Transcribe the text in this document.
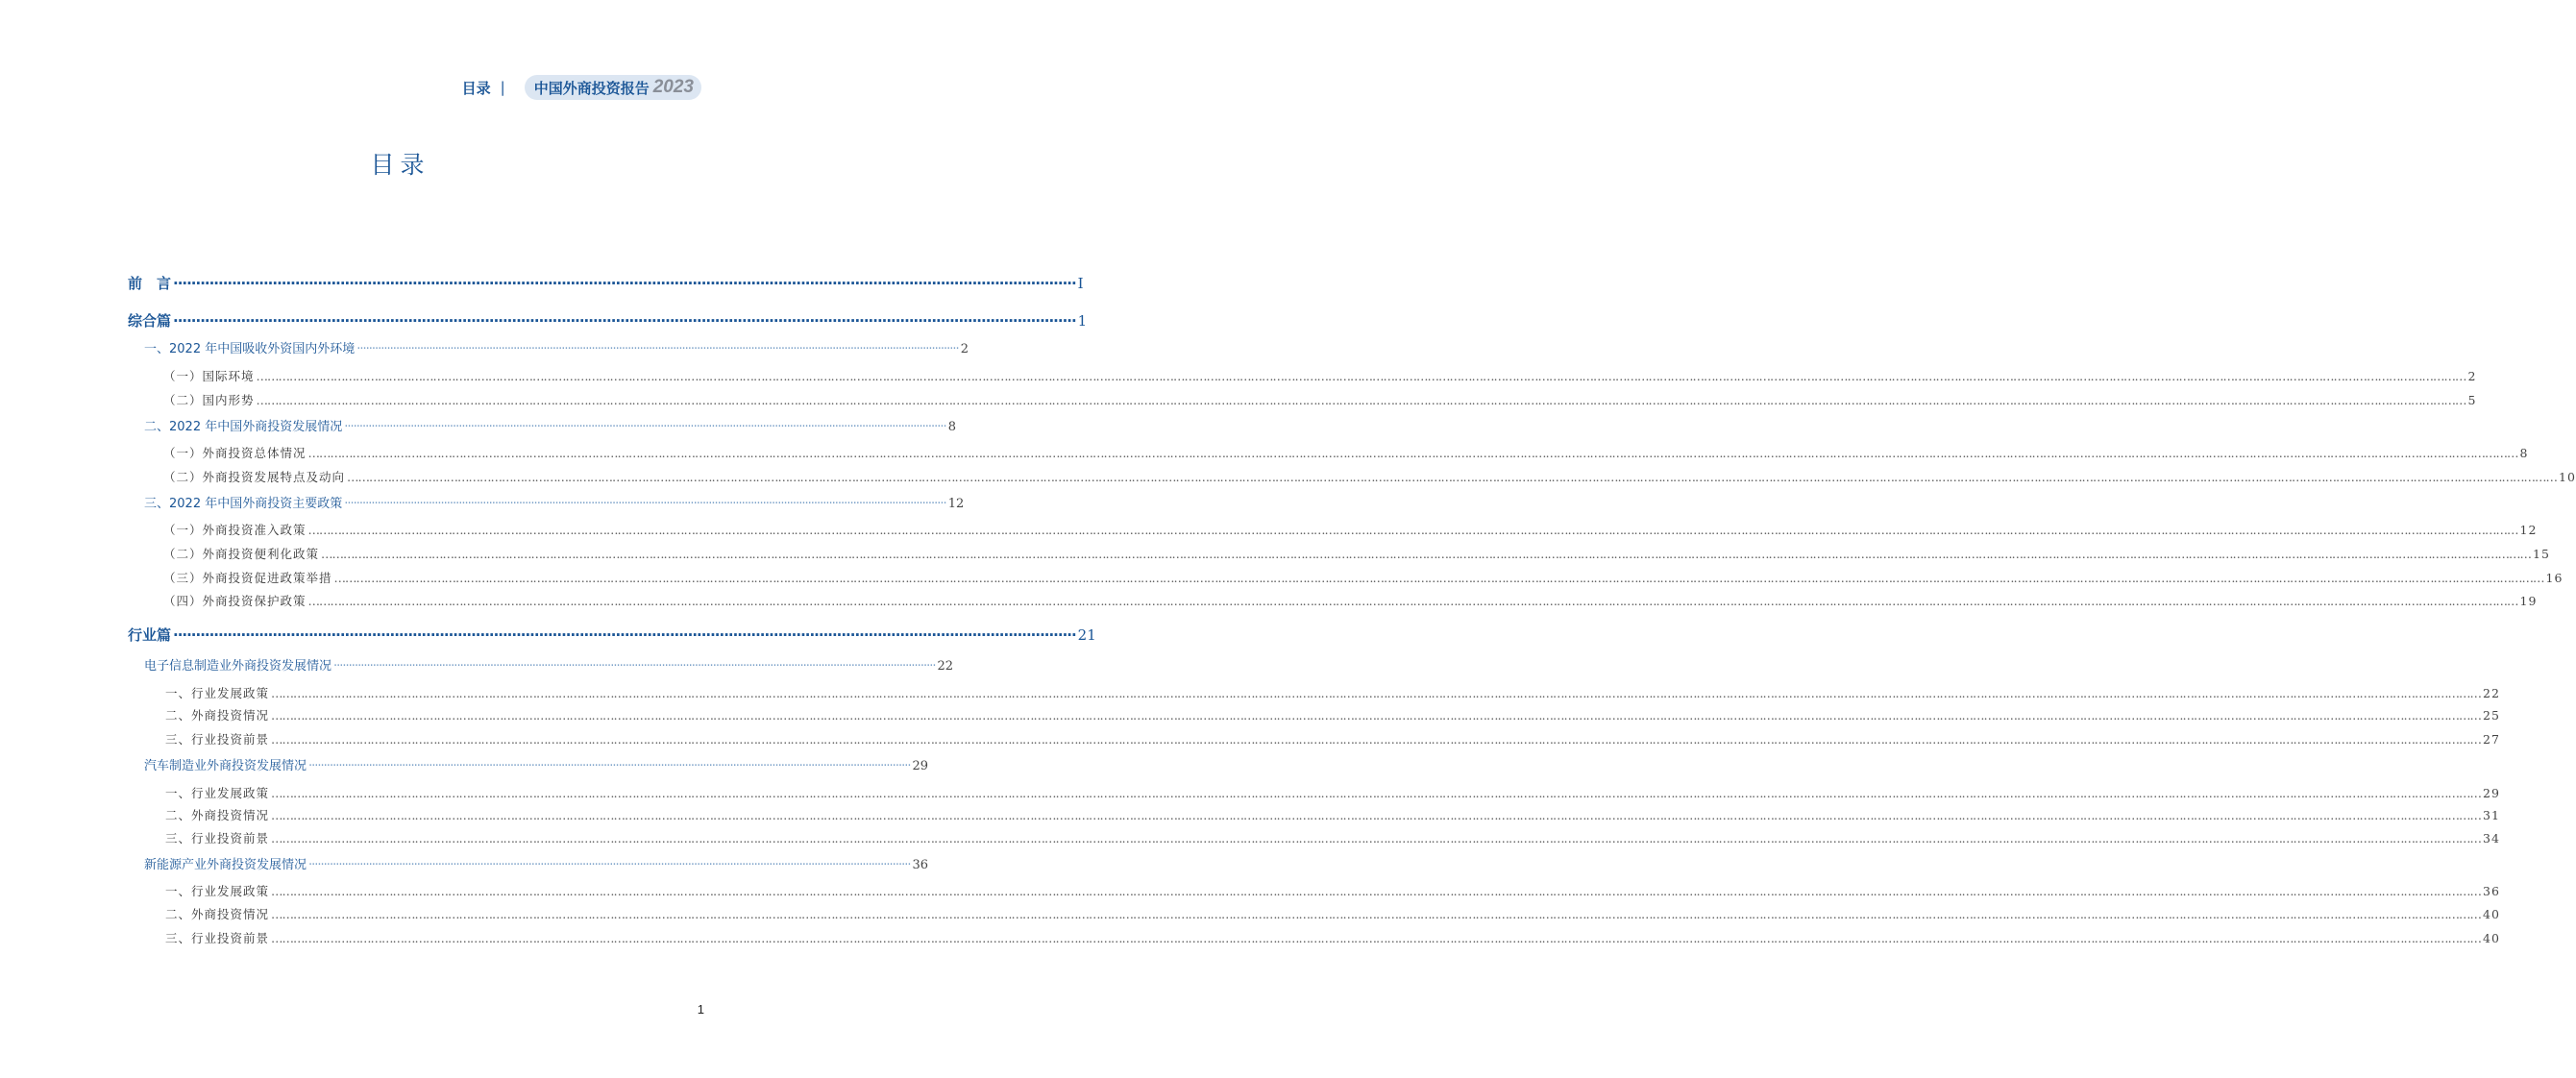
目录 | 中国外商投资报告 2023
目录
前　言 ········································································································································································································ I
综合篇 ········································································································································································································ 1
一、2022 年中国吸收外资国内外环境 ········································································································································································································ 2
（一）国际环境 …………………………………………………………………………………………………………………………………………………………………………………………………………………………………………………………………………………………………………………………………………………………………………………………………………………………………………………………………………………………………………………………………………………… 2
（二）国内形势 …………………………………………………………………………………………………………………………………………………………………………………………………………………………………………………………………………………………………………………………………………………………………………………………………………………………………………………………………………………………………………………………………………………… 5
二、2022 年中国外商投资发展情况 ········································································································································································································ 8
（一）外商投资总体情况 …………………………………………………………………………………………………………………………………………………………………………………………………………………………………………………………………………………………………………………………………………………………………………………………………………………………………………………………………………………………………………………………………………………… 8
（二）外商投资发展特点及动向 …………………………………………………………………………………………………………………………………………………………………………………………………………………………………………………………………………………………………………………………………………………………………………………………………………………………………………………………………………………………………………………………………………………… 10
三、2022 年中国外商投资主要政策 ········································································································································································································ 12
（一）外商投资准入政策 …………………………………………………………………………………………………………………………………………………………………………………………………………………………………………………………………………………………………………………………………………………………………………………………………………………………………………………………………………………………………………………………………………………… 12
（二）外商投资便利化政策 …………………………………………………………………………………………………………………………………………………………………………………………………………………………………………………………………………………………………………………………………………………………………………………………………………………………………………………………………………………………………………………………………………………… 15
（三）外商投资促进政策举措 …………………………………………………………………………………………………………………………………………………………………………………………………………………………………………………………………………………………………………………………………………………………………………………………………………………………………………………………………………………………………………………………………………………… 16
（四）外商投资保护政策 …………………………………………………………………………………………………………………………………………………………………………………………………………………………………………………………………………………………………………………………………………………………………………………………………………………………………………………………………………………………………………………………………………………… 19
行业篇 ········································································································································································································ 21
电子信息制造业外商投资发展情况 ········································································································································································································ 22
一、行业发展政策 …………………………………………………………………………………………………………………………………………………………………………………………………………………………………………………………………………………………………………………………………………………………………………………………………………………………………………………………………………………………………………………………………………………… 22
二、外商投资情况 …………………………………………………………………………………………………………………………………………………………………………………………………………………………………………………………………………………………………………………………………………………………………………………………………………………………………………………………………………………………………………………………………………………… 25
三、行业投资前景 …………………………………………………………………………………………………………………………………………………………………………………………………………………………………………………………………………………………………………………………………………………………………………………………………………………………………………………………………………………………………………………………………………………… 27
汽车制造业外商投资发展情况 ········································································································································································································ 29
一、行业发展政策 …………………………………………………………………………………………………………………………………………………………………………………………………………………………………………………………………………………………………………………………………………………………………………………………………………………………………………………………………………………………………………………………………………………… 29
二、外商投资情况 …………………………………………………………………………………………………………………………………………………………………………………………………………………………………………………………………………………………………………………………………………………………………………………………………………………………………………………………………………………………………………………………………………………… 31
三、行业投资前景 …………………………………………………………………………………………………………………………………………………………………………………………………………………………………………………………………………………………………………………………………………………………………………………………………………………………………………………………………………………………………………………………………………………… 34
新能源产业外商投资发展情况 ········································································································································································································ 36
一、行业发展政策 …………………………………………………………………………………………………………………………………………………………………………………………………………………………………………………………………………………………………………………………………………………………………………………………………………………………………………………………………………………………………………………………………………………… 36
二、外商投资情况 …………………………………………………………………………………………………………………………………………………………………………………………………………………………………………………………………………………………………………………………………………………………………………………………………………………………………………………………………………………………………………………………………………………… 40
三、行业投资前景 …………………………………………………………………………………………………………………………………………………………………………………………………………………………………………………………………………………………………………………………………………………………………………………………………………………………………………………………………………………………………………………………………………………… 40
1
